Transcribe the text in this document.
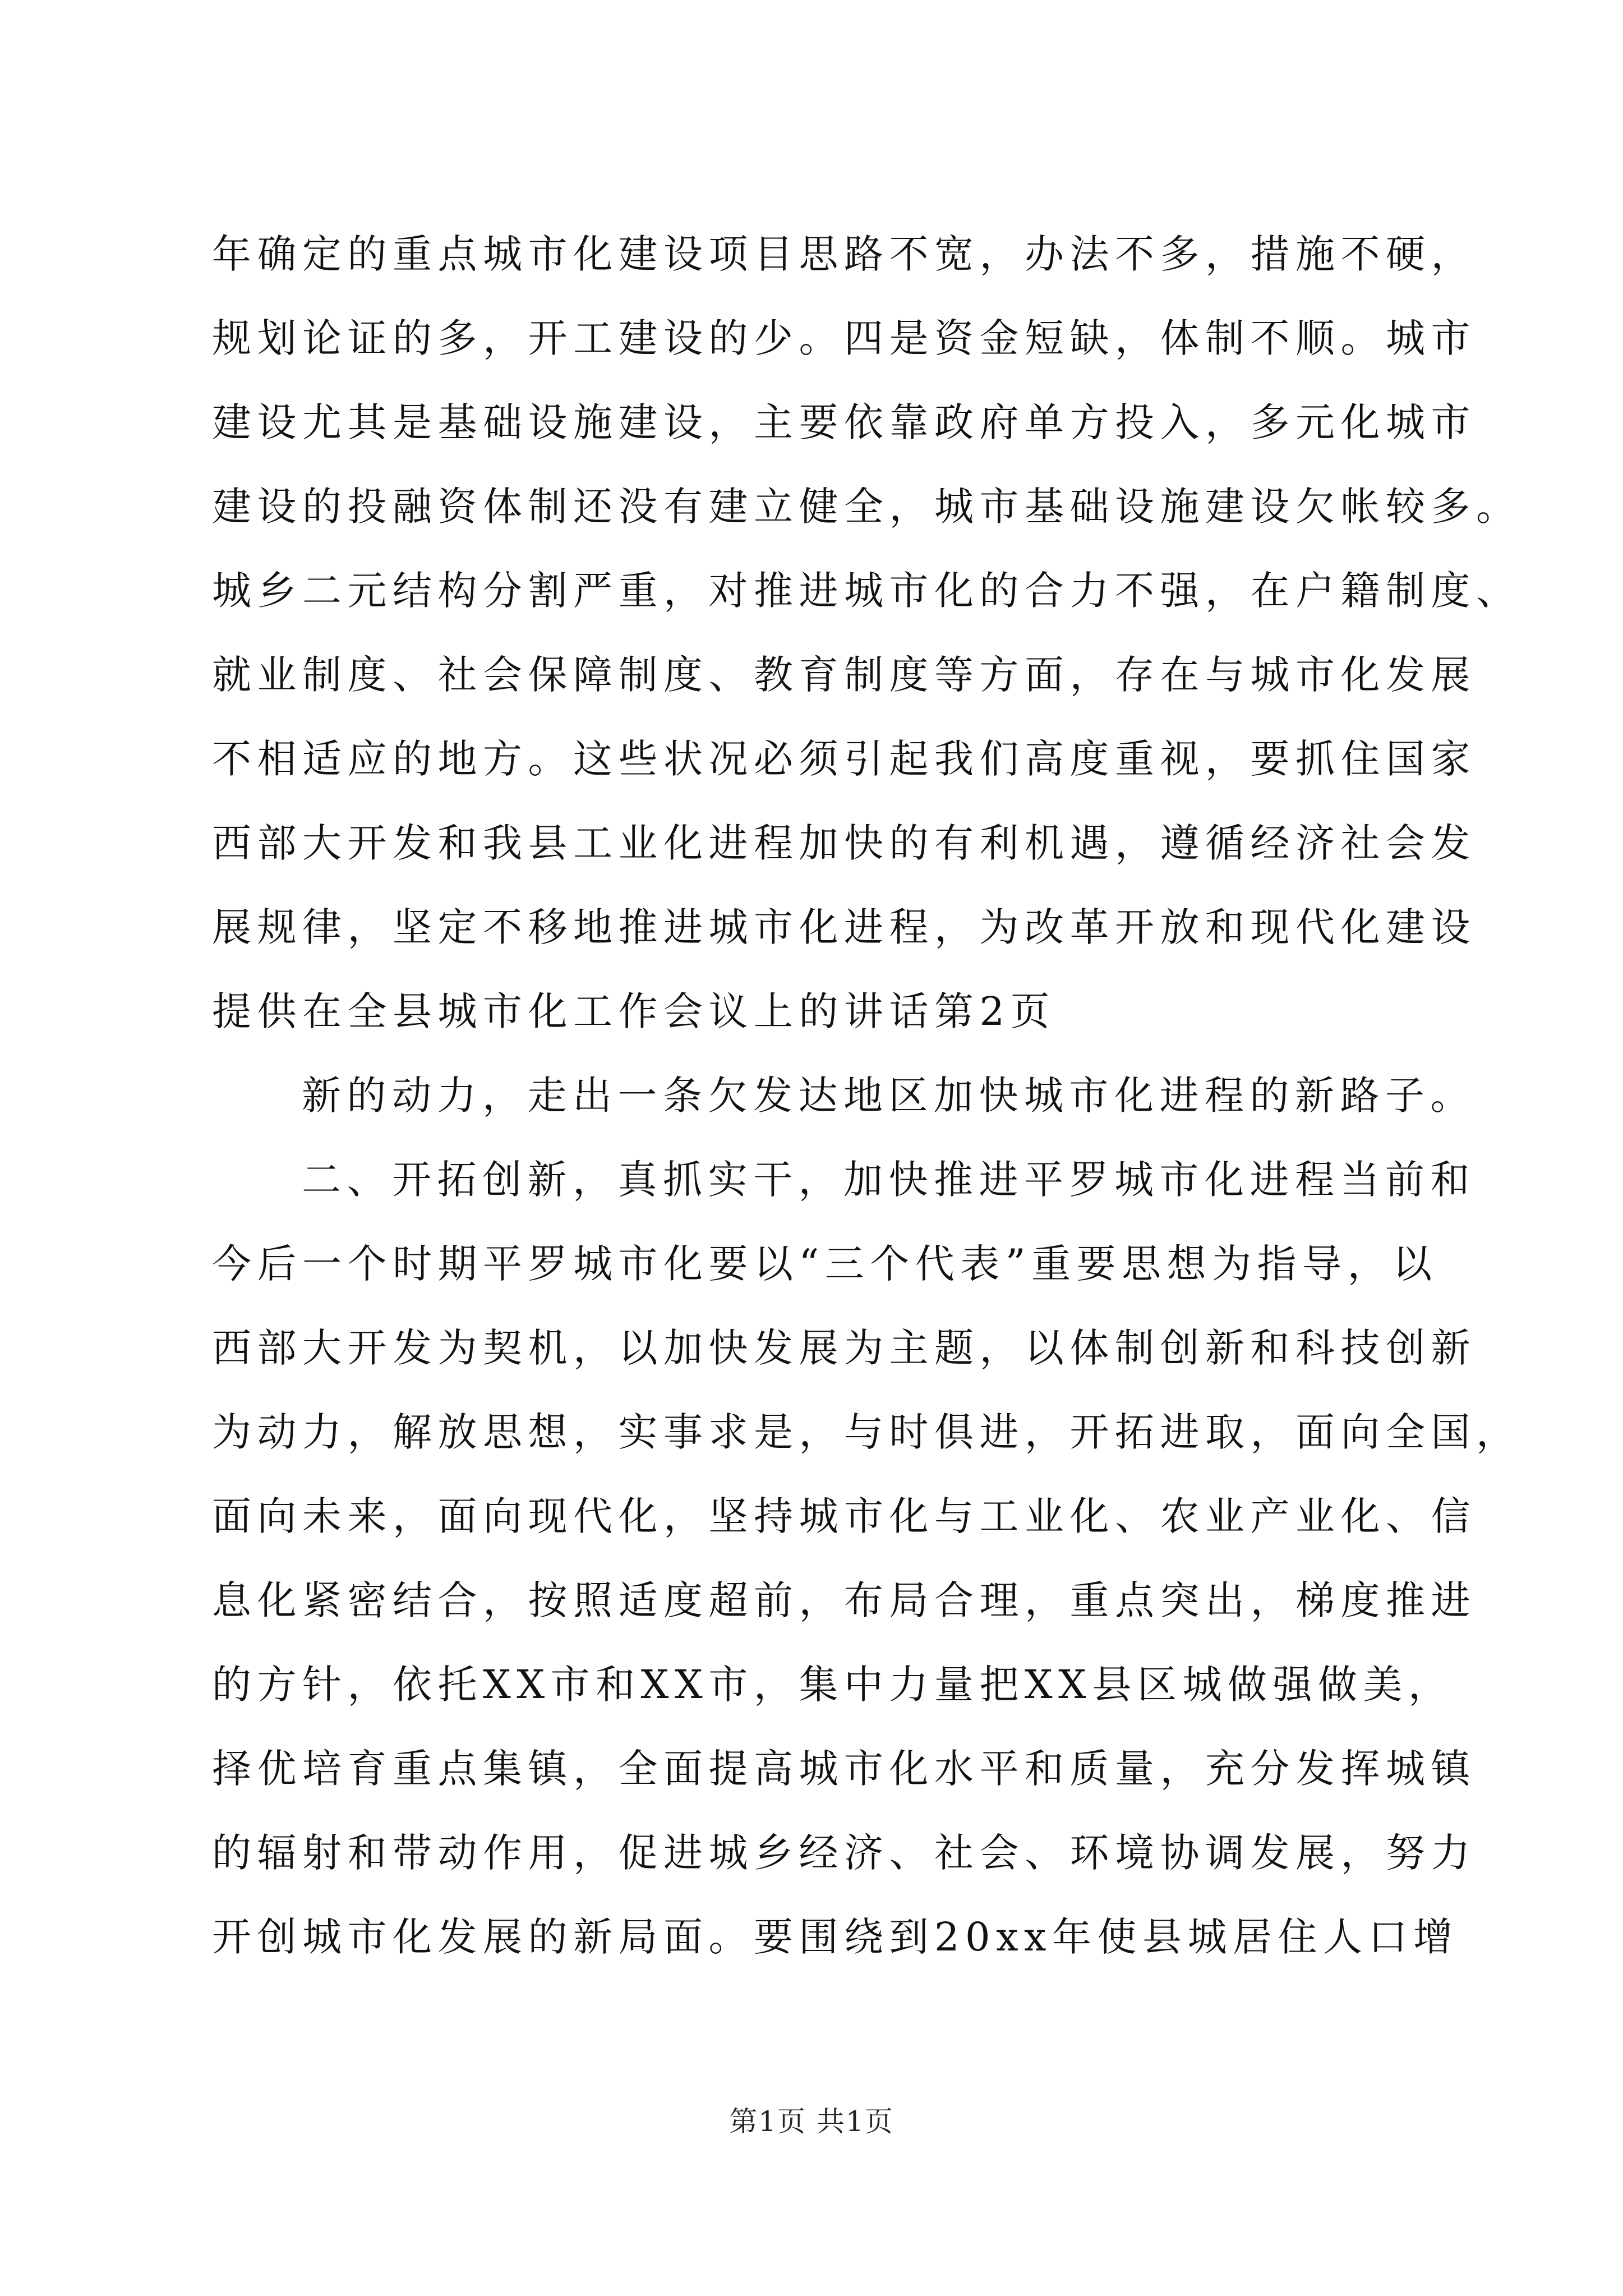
年确定的重点城市化建设项目思路不宽，办法不多，措施不硬，
规划论证的多，开工建设的少。四是资金短缺，体制不顺。城市
建设尤其是基础设施建设，主要依靠政府单方投入，多元化城市
建设的投融资体制还没有建立健全，城市基础设施建设欠帐较多。
城乡二元结构分割严重，对推进城市化的合力不强，在户籍制度、
就业制度、社会保障制度、教育制度等方面，存在与城市化发展
不相适应的地方。这些状况必须引起我们高度重视，要抓住国家
西部大开发和我县工业化进程加快的有利机遇，遵循经济社会发
展规律，坚定不移地推进城市化进程，为改革开放和现代化建设
提供在全县城市化工作会议上的讲话第2页
新的动力，走出一条欠发达地区加快城市化进程的新路子。
二、开拓创新，真抓实干，加快推进平罗城市化进程当前和
今后一个时期平罗城市化要以“三个代表”重要思想为指导，以
西部大开发为契机，以加快发展为主题，以体制创新和科技创新
为动力，解放思想，实事求是，与时俱进，开拓进取，面向全国，
面向未来，面向现代化，坚持城市化与工业化、农业产业化、信
息化紧密结合，按照适度超前，布局合理，重点突出，梯度推进
的方针，依托XX市和XX市，集中力量把XX县区城做强做美，
择优培育重点集镇，全面提高城市化水平和质量，充分发挥城镇
的辐射和带动作用，促进城乡经济、社会、环境协调发展，努力
开创城市化发展的新局面。要围绕到20xx年使县城居住人口增
第1页 共1页
